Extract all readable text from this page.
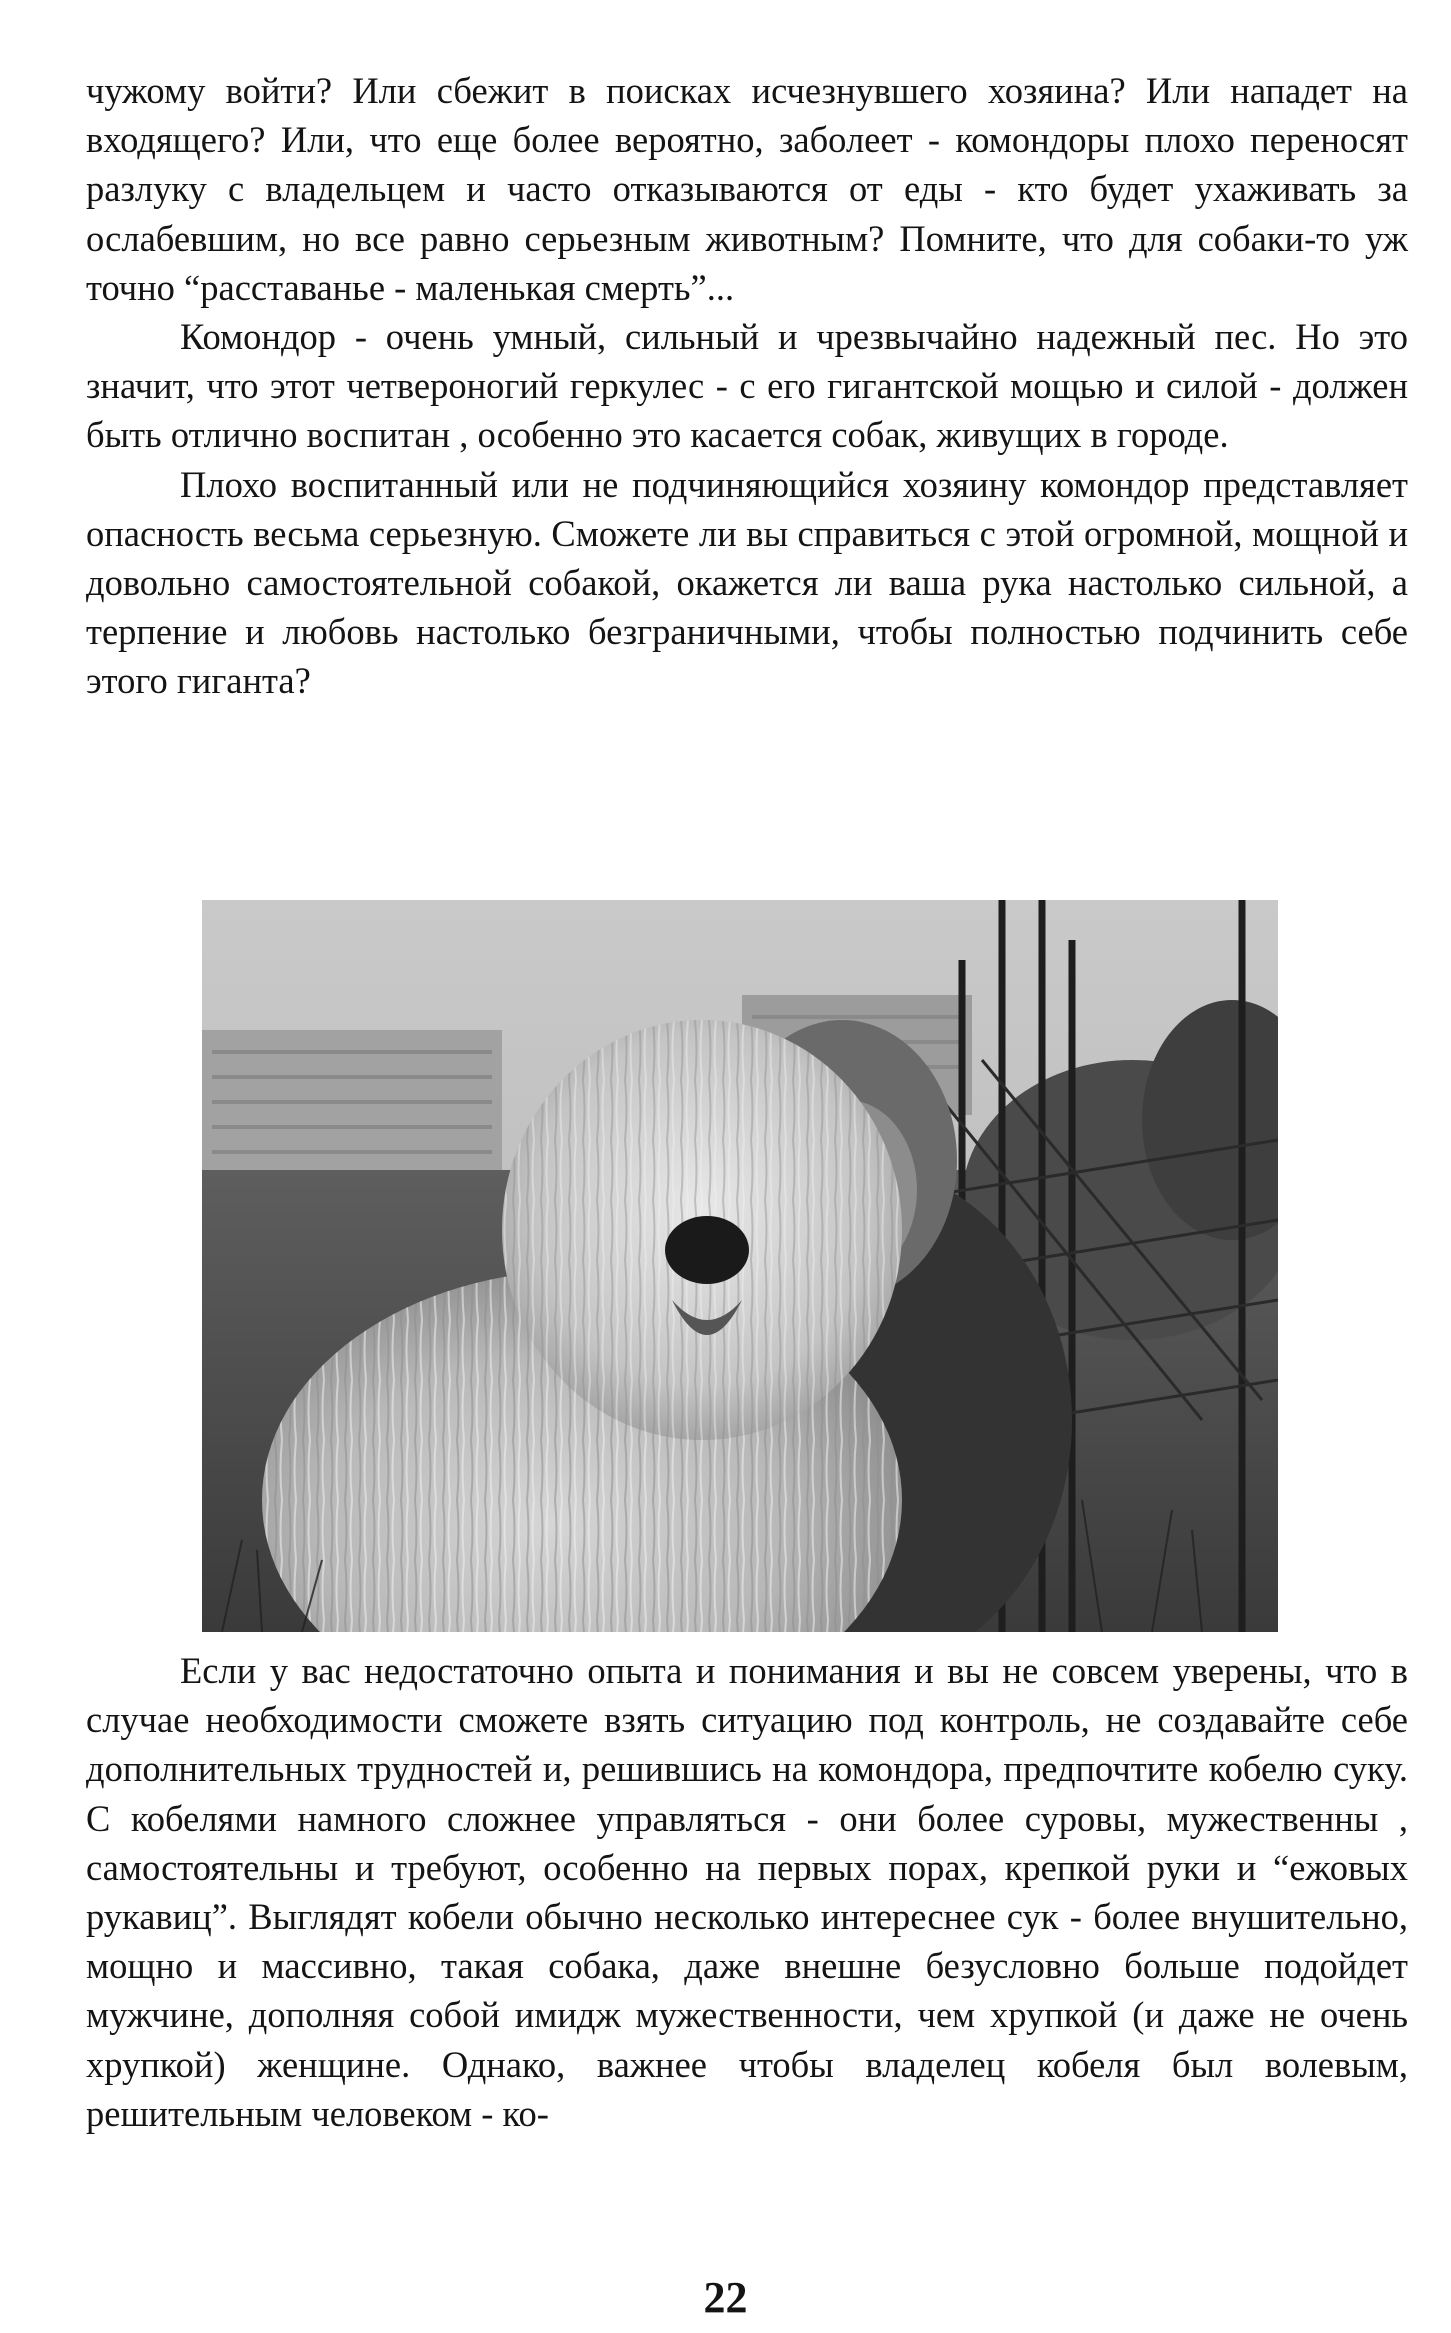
чужому войти? Или сбежит в поисках исчезнувшего хозяина? Или нападет на входящего? Или, что еще более вероятно, заболеет - комондоры плохо переносят разлуку с владельцем и часто отказываются от еды - кто будет ухаживать за ослабевшим, но все равно серьезным животным? Помните, что для собаки-то уж точно “расставанье - маленькая смерть”...

Комондор - очень умный, сильный и чрезвычайно надежный пес. Но это значит, что этот четвероногий геркулес - с его гигантской мощью и силой - должен быть отлично воспитан , особенно это касается собак, живущих в городе.

Плохо воспитанный или не подчиняющийся хозяину комондор представляет опасность весьма серьезную. Сможете ли вы справиться с этой огромной, мощной и довольно самостоятельной собакой, окажется ли ваша рука настолько сильной, а терпение и любовь настолько безграничными, чтобы полностью подчинить себе этого гиганта?

Если у вас недостаточно опыта и понимания и вы не совсем уверены, что в случае необходимости сможете взять ситуацию под контроль, не создавайте себе дополнительных трудностей и, решившись на комондора, предпочтите кобелю суку. С кобелями намного сложнее управляться - они более суровы, мужественны , самостоятельны и требуют, особенно на первых порах, крепкой руки и “ежовых рукавиц”. Выглядят кобели обычно несколько интереснее сук - более внушительно, мощно и массивно, такая собака, даже внешне безусловно больше подойдет мужчине, дополняя собой имидж мужественности, чем хрупкой (и даже не очень хрупкой) женщине. Однако, важнее чтобы владелец кобеля был волевым, решительным человеком - ко-

22
